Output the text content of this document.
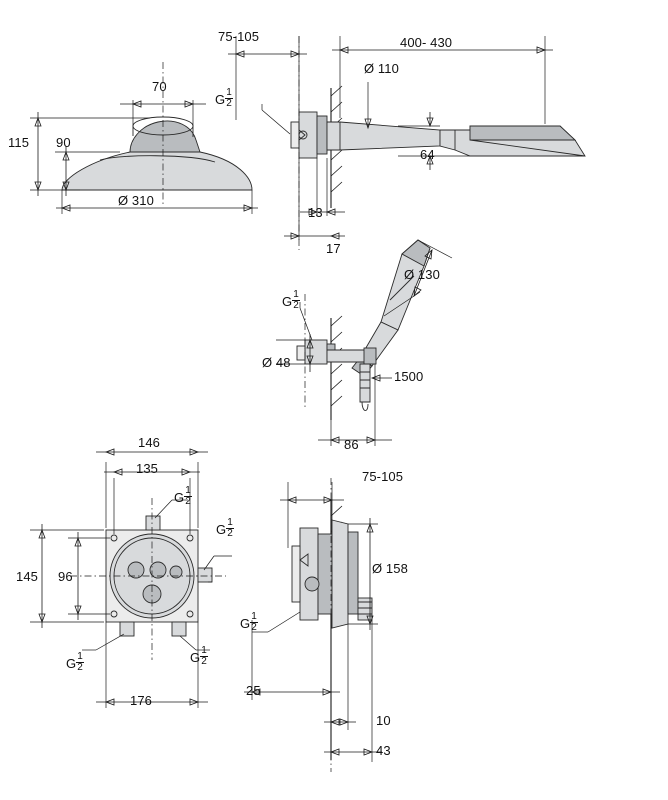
70
115 90
Ø 310
75-105	400- 430
Ø 110
G $\frac{1}{2}$
64
13
17
Ø 130
G $\frac{1}{2}$
Ø 48
1500
86
146
135
G $\frac{1}{2}$
G $\frac{1}{2}$
145 96
G $\frac{1}{2}$	G $\frac{1}{2}$
176
75-105
Ø 158
G $\frac{1}{2}$
25
10
43
